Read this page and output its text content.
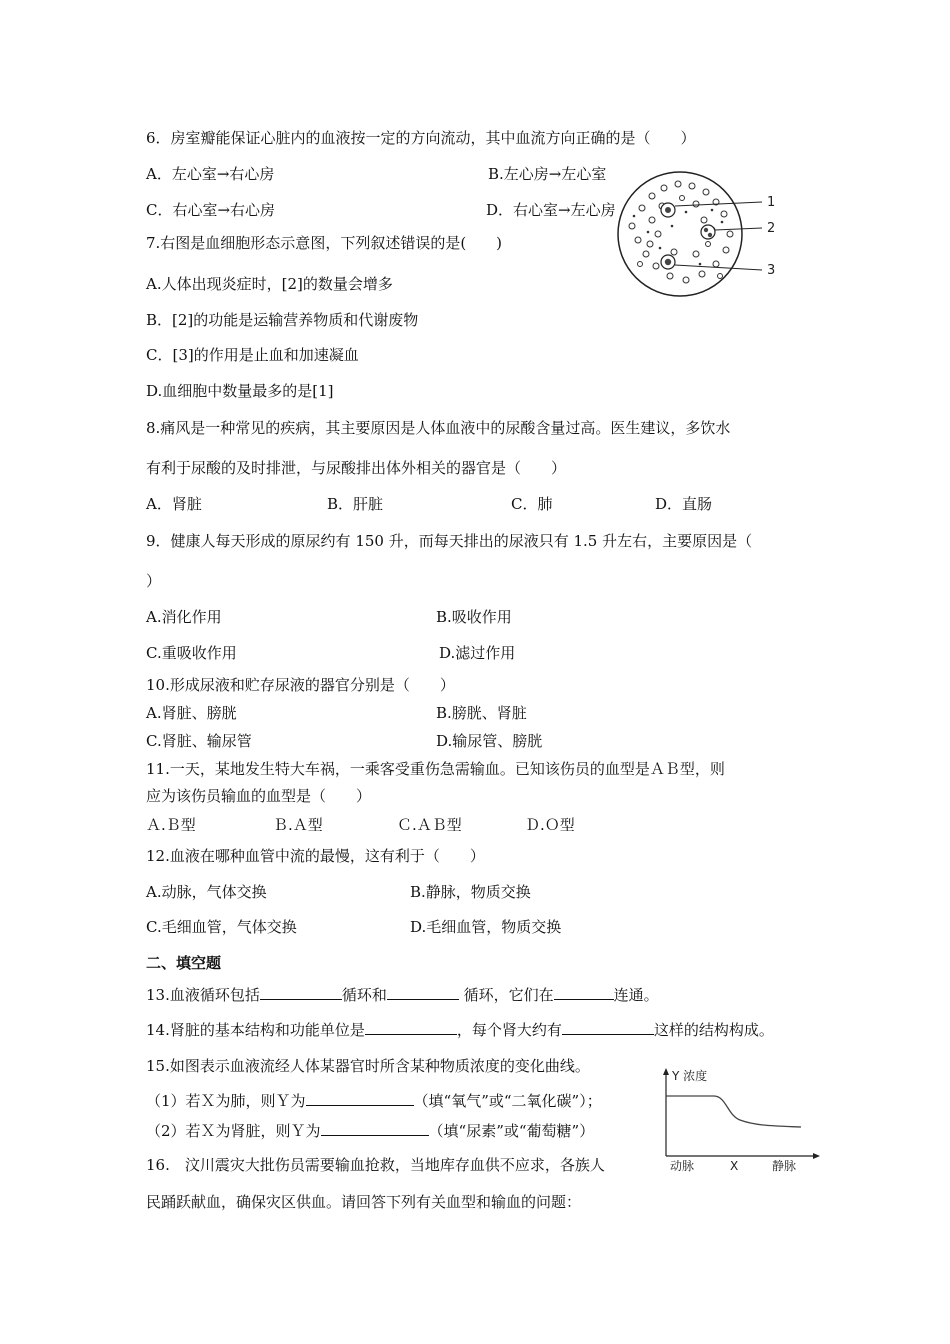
6．房室瓣能保证心脏内的血液按一定的方向流动，其中血流方向正确的是（　　）
A．左心室→右心房	B.左心房→左心室
C．右心室→右心房	D．右心室→左心房	1
2
3
7.右图是血细胞形态示意图，下列叙述错误的是(　　)
A.人体出现炎症时，[2]的数量会增多
B．[2]的功能是运输营养物质和代谢废物
C．[3]的作用是止血和加速凝血
D.血细胞中数量最多的是[1]
8.痛风是一种常见的疾病，其主要原因是人体血液中的尿酸含量过高。医生建议，多饮水
有利于尿酸的及时排泄，与尿酸排出体外相关的器官是（　　）
A．肾脏	B．肝脏	C．肺	D．直肠
9．健康人每天形成的原尿约有 150 升，而每天排出的尿液只有 1.5 升左右，主要原因是（
）
A.消化作用	B.吸收作用
C.重吸收作用	D.滤过作用
10.形成尿液和贮存尿液的器官分别是（　　）
A.肾脏、膀胱	B.膀胱、肾脏
C.肾脏、输尿管	D.输尿管、膀胱
11.一天，某地发生特大车祸，一乘客受重伤急需输血。已知该伤员的血型是ＡＢ型，则
应为该伤员输血的血型是（　　）
Ａ.Ｂ型	Ｂ.Ａ型	Ｃ.ＡＢ型	Ｄ.Ｏ型
12.血液在哪种血管中流的最慢，这有利于（　　）
A.动脉，气体交换	B.静脉，物质交换
C.毛细血管，气体交换	D.毛细血管，物质交换
二、填空题
13.血液循环包括	循环和	循环，它们在	连通。
14.肾脏的基本结构和功能单位是	，每个肾大约有	这样的结构构成。
15.如图表示血液流经人体某器官时所含某种物质浓度的变化曲线。
（1）若Ｘ为肺，则Ｙ为	（填“氧气”或“二氧化碳”）；
（2）若Ｘ为肾脏，则Ｙ为	（填“尿素”或“葡萄糖”）
Y 浓度
动脉	X	静脉
16.　汶川震灾大批伤员需要输血抢救，当地库存血供不应求，各族人
民踊跃献血，确保灾区供血。请回答下列有关血型和输血的问题：
